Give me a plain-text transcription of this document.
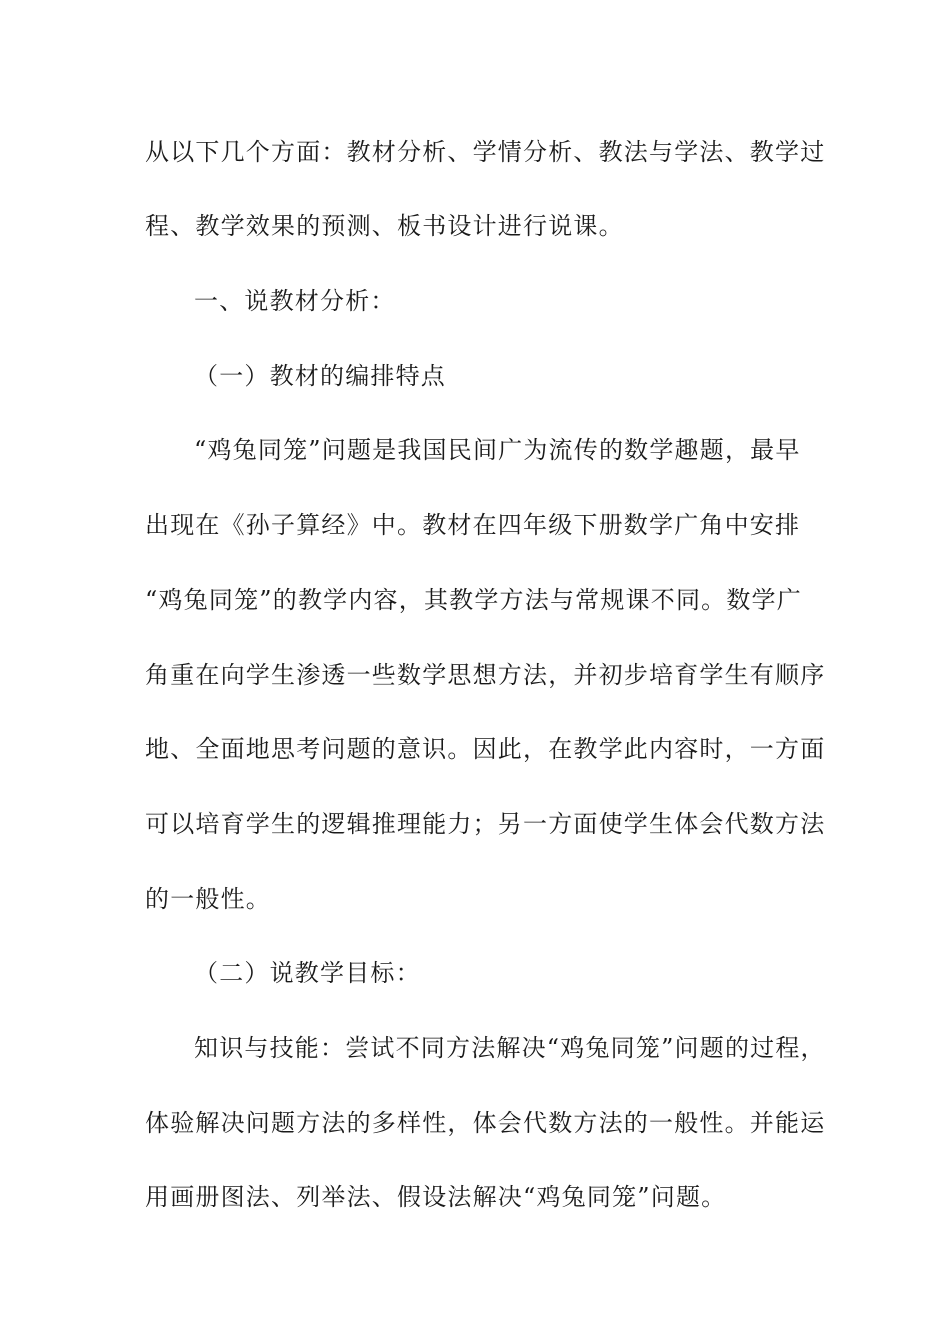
从以下几个方面：教材分析、学情分析、教法与学法、教学过
程、教学效果的预测、板书设计进行说课。
一、说教材分析：
（一）教材的编排特点
“鸡兔同笼”问题是我国民间广为流传的数学趣题，最早
出现在《孙子算经》中。教材在四年级下册数学广角中安排
“鸡兔同笼”的教学内容，其教学方法与常规课不同。数学广
角重在向学生渗透一些数学思想方法，并初步培育学生有顺序
地、全面地思考问题的意识。因此，在教学此内容时，一方面
可以培育学生的逻辑推理能力；另一方面使学生体会代数方法
的一般性。
（二）说教学目标：
知识与技能：尝试不同方法解决“鸡兔同笼”问题的过程，
体验解决问题方法的多样性，体会代数方法的一般性。并能运
用画册图法、列举法、假设法解决“鸡兔同笼”问题。
